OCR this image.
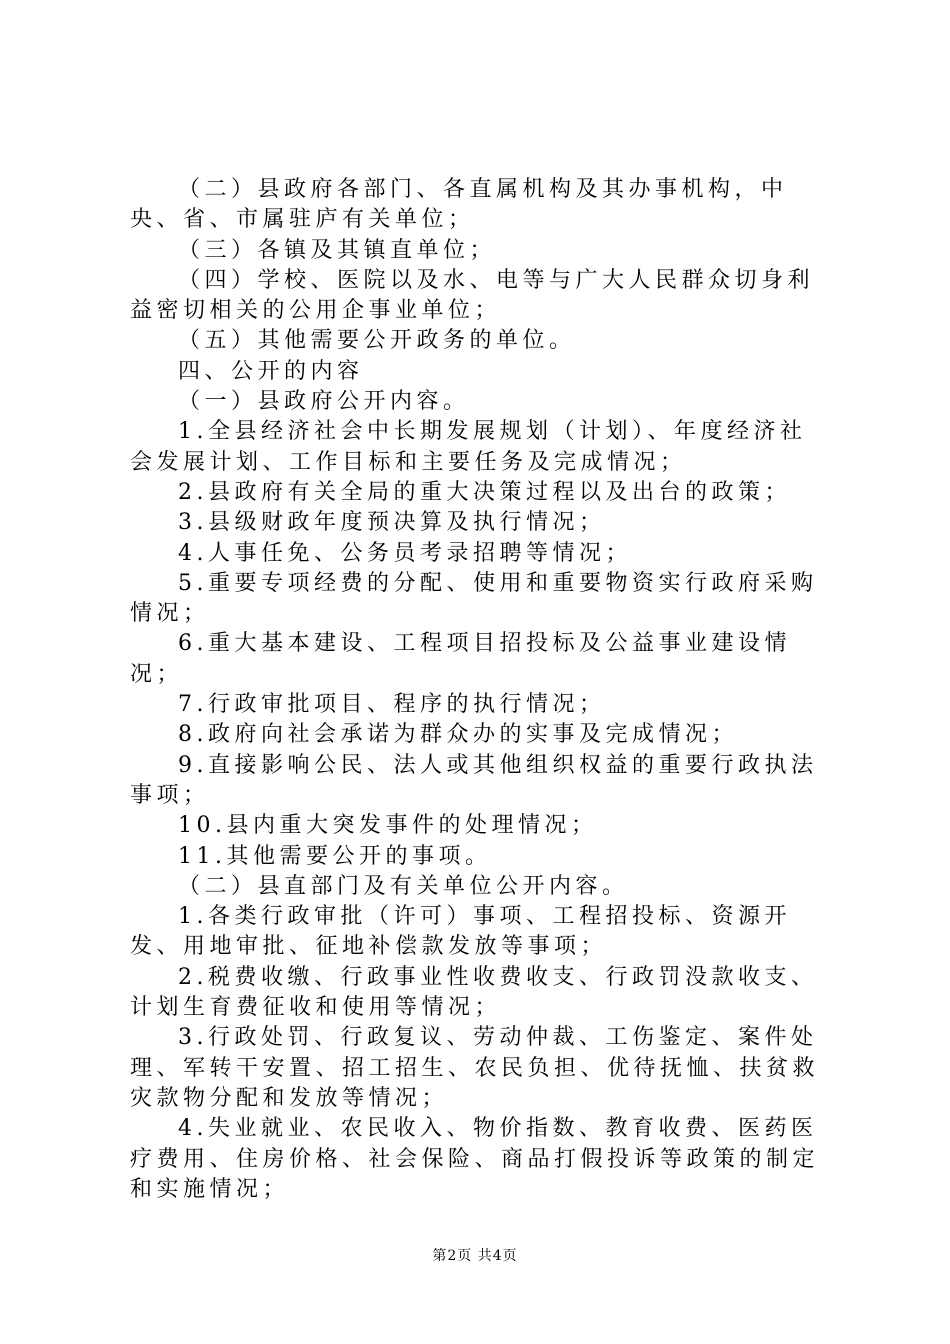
（二）县政府各部门、各直属机构及其办事机构，中央、省、市属驻庐有关单位；

（三）各镇及其镇直单位；

（四）学校、医院以及水、电等与广大人民群众切身利益密切相关的公用企事业单位；

（五）其他需要公开政务的单位。

四、公开的内容

（一）县政府公开内容。

1.全县经济社会中长期发展规划（计划）、年度经济社会发展计划、工作目标和主要任务及完成情况；

2.县政府有关全局的重大决策过程以及出台的政策；

3.县级财政年度预决算及执行情况；

4.人事任免、公务员考录招聘等情况；

5.重要专项经费的分配、使用和重要物资实行政府采购情况；

6.重大基本建设、工程项目招投标及公益事业建设情况；

7.行政审批项目、程序的执行情况；

8.政府向社会承诺为群众办的实事及完成情况；

9.直接影响公民、法人或其他组织权益的重要行政执法事项；

10.县内重大突发事件的处理情况；

11.其他需要公开的事项。

（二）县直部门及有关单位公开内容。

1.各类行政审批（许可）事项、工程招投标、资源开发、用地审批、征地补偿款发放等事项；

2.税费收缴、行政事业性收费收支、行政罚没款收支、计划生育费征收和使用等情况；

3.行政处罚、行政复议、劳动仲裁、工伤鉴定、案件处理、军转干安置、招工招生、农民负担、优待抚恤、扶贫救灾款物分配和发放等情况；

4.失业就业、农民收入、物价指数、教育收费、医药医疗费用、住房价格、社会保险、商品打假投诉等政策的制定和实施情况；

第2页 共4页
